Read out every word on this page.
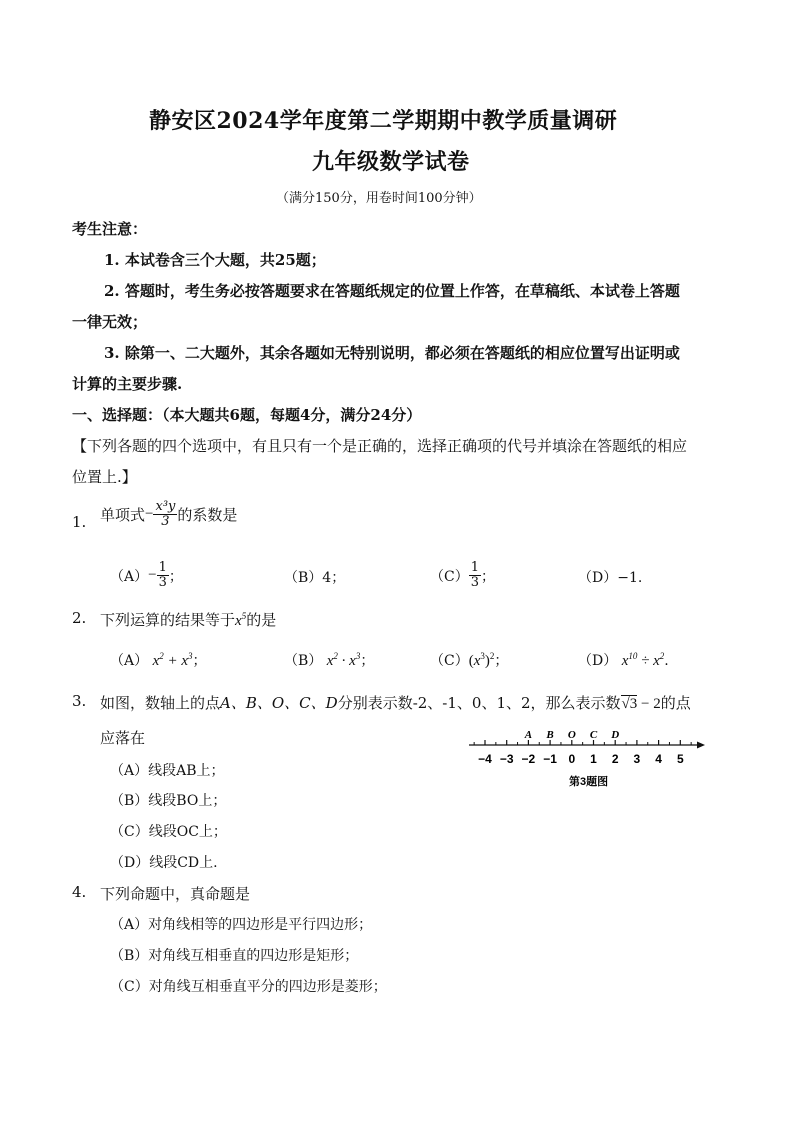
静安区2024学年度第二学期期中教学质量调研
九年级数学试卷
（满分150分，用卷时间100分钟）
考生注意：
1. 本试卷含三个大题，共25题；
2. 答题时，考生务必按答题要求在答题纸规定的位置上作答，在草稿纸、本试卷上答题
一律无效；
3. 除第一、二大题外，其余各题如无特别说明，都必须在答题纸的相应位置写出证明或
计算的主要步骤.
一、选择题：（本大题共6题，每题4分，满分24分）
【下列各题的四个选项中，有且只有一个是正确的，选择正确项的代号并填涂在答题纸的相应
位置上.】
1. 单项式 − $\frac{\text{x³y}}{3}$ 的系数是
$(A) - \frac{1}{3}$ ；	（B）4；	$(C) \frac{1}{3}$ ；	（D）−1.
2. 下列运算的结果等于$x^5$的是
（A） $x^2 + x^3$；	（B） $x^2 \cdot x^3$；	$(C)(x^3)^2$；	（D） $x^{10} \div x^2$.
3. 如图，数轴上的点A、B、O、C、D分别表示数-2、-1、0、1、2，那么表示数√3 − 2的点
应落在
（A）线段AB上；
（B）线段BO上；
（C）线段OC上；
（D）线段CD上.
−4 −3 −2 −1 0 1 2 3 4 5
A B O C D
第3题图
4. 下列命题中，真命题是
（A）对角线相等的四边形是平行四边形；
（B）对角线互相垂直的四边形是矩形；
（C）对角线互相垂直平分的四边形是菱形；
